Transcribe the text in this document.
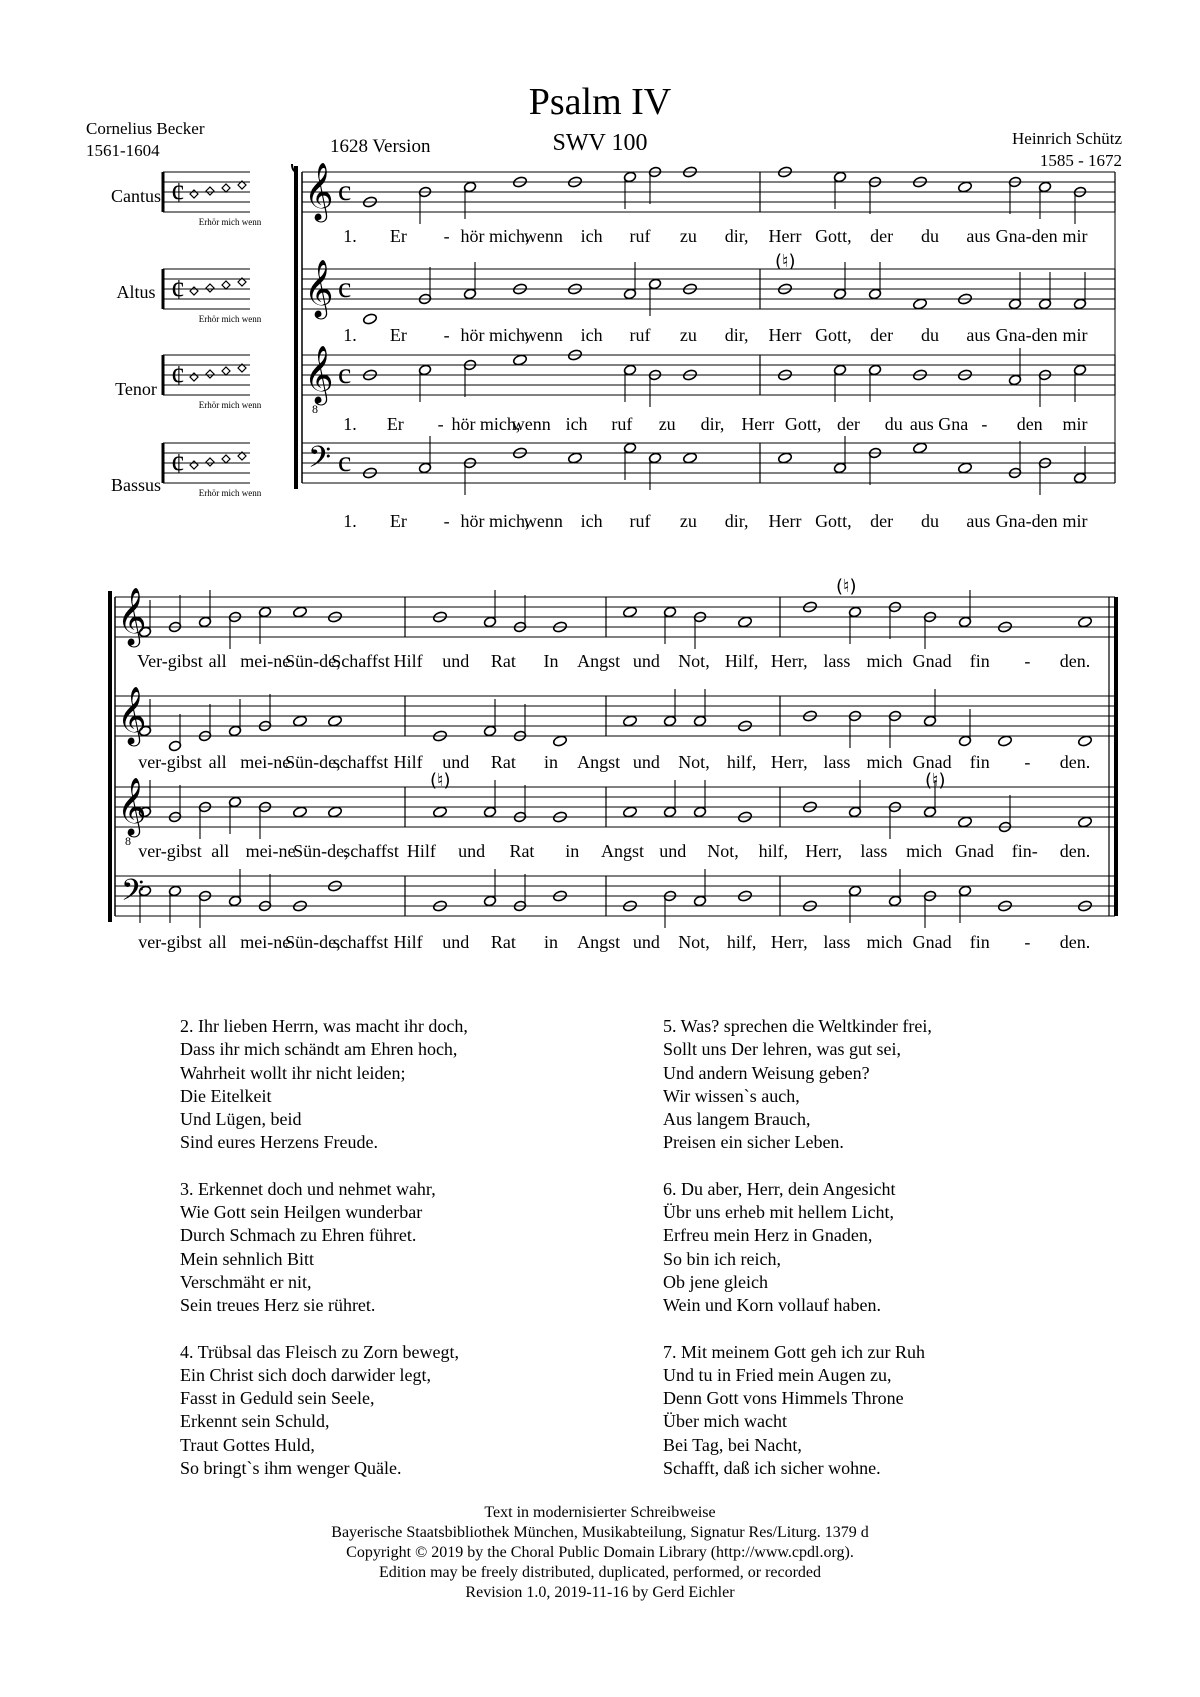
Psalm IV
SWV 100
1628 Version
Cornelius Becker
1561-1604
Heinrich Schütz
1585 - 1672
Cantus
Altus
Tenor
Bassus
¢
Erhör mich wenn
¢
Erhör mich wenn
¢
Erhör mich wenn
¢
Erhör mich wenn
𝄞 c
𝄞 c
𝄞
8
c
𝄢 c
𝄞
𝄞
𝄞
8
𝄢
(♮)
(♮)
(♮)	(♮)
1. Er - hör mich,
wenn ich ruf zu dir, Herr Gott, der du aus Gna-den mir
1. Er - hör mich,
wenn ich ruf zu dir, Herr Gott, der du aus Gna-den mir
1. Er - hör mich,
wenn ich ruf zu dir, Herr Gott, der du aus Gna - den mir
1. Er - hör mich,
wenn ich ruf zu dir, Herr Gott, der du aus Gna-den mir
Ver-gibst all mei-ne
Sün-de,
Schaffst Hilf und Rat In Angst und Not, Hilf, Herr, lass mich Gnad fin - den.
ver-gibst all mei-ne
Sün-de,
schaffst Hilf und Rat in Angst und Not, hilf, Herr, lass mich Gnad fin - den.
ver-gibst all mei-ne
Sün-de,
schaffst Hilf und Rat in Angst und Not, hilf, Herr, lass mich Gnad fin- den.
ver-gibst all mei-ne
Sün-de,
schaffst Hilf und Rat in Angst und Not, hilf, Herr, lass mich Gnad fin - den.
2. Ihr lieben Herrn, was macht ihr doch,
Dass ihr mich schändt am Ehren hoch,
Wahrheit wollt ihr nicht leiden;
Die Eitelkeit
Und Lügen, beid
Sind eures Herzens Freude.
3. Erkennet doch und nehmet wahr,
Wie Gott sein Heilgen wunderbar
Durch Schmach zu Ehren führet.
Mein sehnlich Bitt
Verschmäht er nit,
Sein treues Herz sie rühret.
4. Trübsal das Fleisch zu Zorn bewegt,
Ein Christ sich doch darwider legt,
Fasst in Geduld sein Seele,
Erkennt sein Schuld,
Traut Gottes Huld,
So bringt`s ihm wenger Quäle.
5. Was? sprechen die Weltkinder frei,
Sollt uns Der lehren, was gut sei,
Und andern Weisung geben?
Wir wissen`s auch,
Aus langem Brauch,
Preisen ein sicher Leben.
6. Du aber, Herr, dein Angesicht
Übr uns erheb mit hellem Licht,
Erfreu mein Herz in Gnaden,
So bin ich reich,
Ob jene gleich
Wein und Korn vollauf haben.
7. Mit meinem Gott geh ich zur Ruh
Und tu in Fried mein Augen zu,
Denn Gott vons Himmels Throne
Über mich wacht
Bei Tag, bei Nacht,
Schafft, daß ich sicher wohne.
Text in modernisierter Schreibweise
Bayerische Staatsbibliothek München, Musikabteilung, Signatur Res/Liturg. 1379 d
Copyright © 2019 by the Choral Public Domain Library (http://www.cpdl.org).
Edition may be freely distributed, duplicated, performed, or recorded
Revision 1.0, 2019-11-16 by Gerd Eichler
